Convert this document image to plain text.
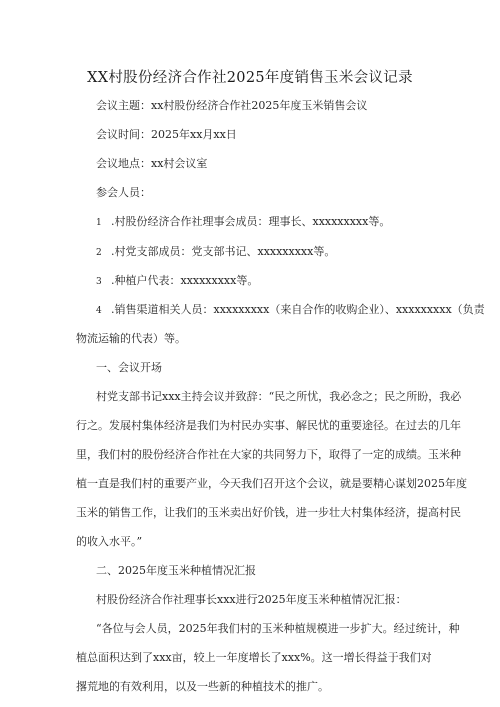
XX村股份经济合作社2025年度销售玉米会议记录
会议主题：xx村股份经济合作社2025年度玉米销售会议
会议时间：2025年xx月xx日
会议地点：xx村会议室
参会人员：
1 .村股份经济合作社理事会成员：理事长、xxxxxxxxx等。
2 .村党支部成员：党支部书记、xxxxxxxxx等。
3 .种植户代表：xxxxxxxxx等。
4 .销售渠道相关人员：xxxxxxxxx（来自合作的收购企业）、xxxxxxxxx（负责
物流运输的代表）等。
一、会议开场
村党支部书记xxx主持会议并致辞：“民之所忧，我必念之；民之所盼，我必
行之。发展村集体经济是我们为村民办实事、解民忧的重要途径。在过去的几年
里，我们村的股份经济合作社在大家的共同努力下，取得了一定的成绩。玉米种
植一直是我们村的重要产业，今天我们召开这个会议，就是要精心谋划2025年度
玉米的销售工作，让我们的玉米卖出好价钱，进一步壮大村集体经济，提高村民
的收入水平。”
二、2025年度玉米种植情况汇报
村股份经济合作社理事长xxx进行2025年度玉米种植情况汇报：
“各位与会人员，2025年我们村的玉米种植规模进一步扩大。经过统计，种
植总面积达到了xxx亩，较上一年度增长了xxx%。这一增长得益于我们对
撂荒地的有效利用，以及一些新的种植技术的推广。
